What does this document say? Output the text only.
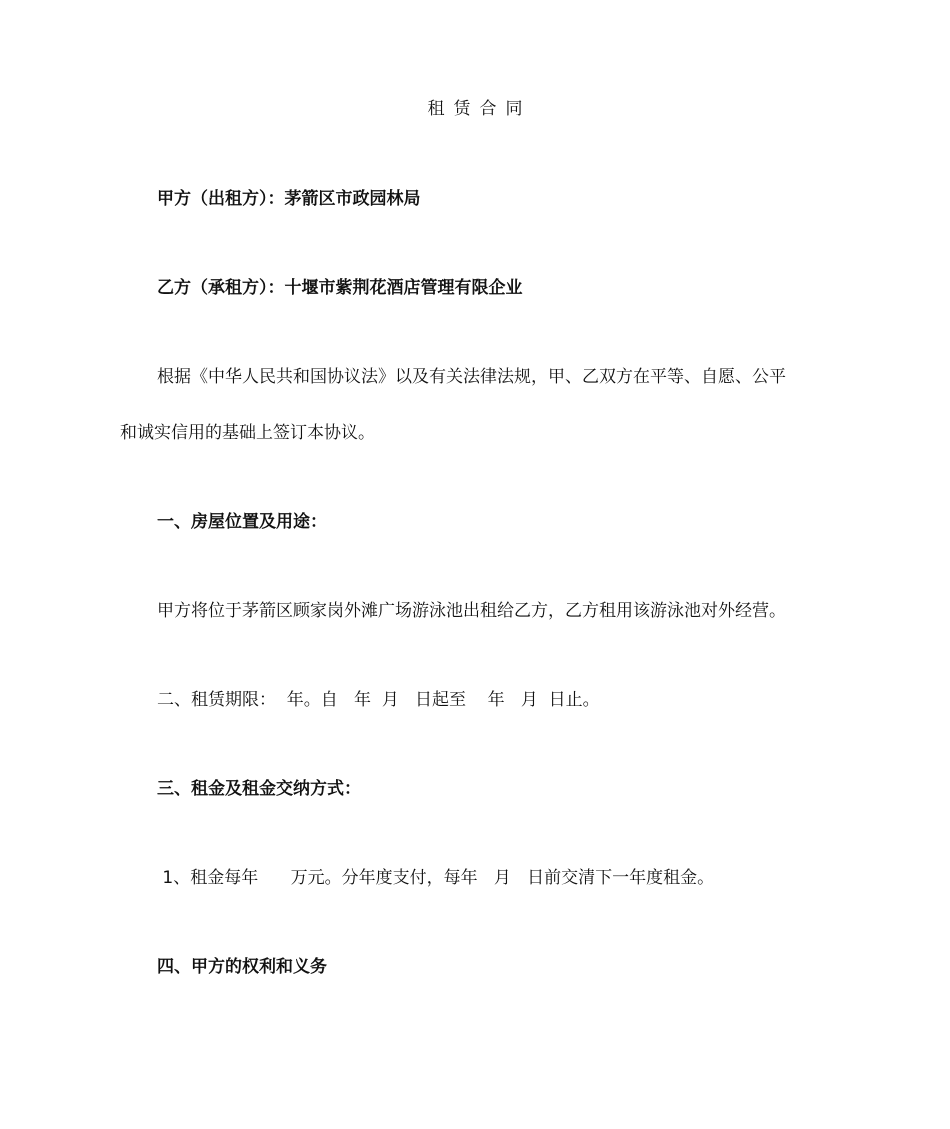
租赁合同
甲方（出租方）：茅箭区市政园林局
乙方（承租方）：十堰市紫荆花酒店管理有限企业
根据《中华人民共和国协议法》以及有关法律法规，甲、乙双方在平等、自愿、公平
和诚实信用的基础上签订本协议。
一、房屋位置及用途：
甲方将位于茅箭区顾家岗外滩广场游泳池出租给乙方，乙方租用该游泳池对外经营。
二、租赁期限：  年。自   年  月   日起至    年   月  日止。
三、租金及租金交纳方式：
1、租金每年      万元。分年度支付，每年   月   日前交清下一年度租金。
四、甲方的权利和义务
